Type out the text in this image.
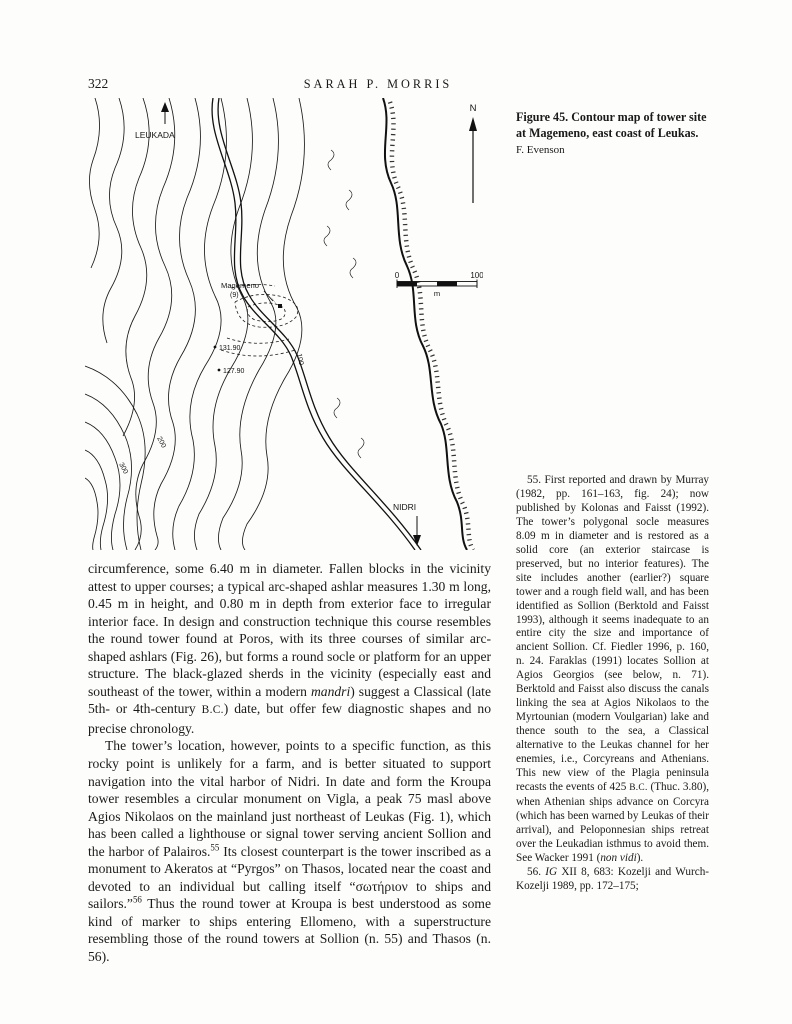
322	SARAH P. MORRIS
LEUKADA
N
Magemeno
(9)
131.90
127.90
100
200
300
NIDRI
0	100
m

Figure 45. Contour map of tower site at Magemeno, east coast of Leukas.

F. Evenson

circumference, some 6.40 m in diameter. Fallen blocks in the vicinity attest to upper courses; a typical arc-shaped ashlar measures 1.30 m long, 0.45 m in height, and 0.80 m in depth from exterior face to irregular interior face. In design and construction technique this course resembles the round tower found at Poros, with its three courses of similar arc-shaped ashlars (Fig. 26), but forms a round socle or platform for an upper structure. The black-glazed sherds in the vicinity (especially east and southeast of the tower, within a modern mandri) suggest a Classical (late 5th- or 4th-century B.C.) date, but offer few diagnostic shapes and no precise chronology.

The tower’s location, however, points to a specific function, as this rocky point is unlikely for a farm, and is better situated to support navigation into the vital harbor of Nidri. In date and form the Kroupa tower resembles a circular monument on Vigla, a peak 75 masl above Agios Nikolaos on the mainland just northeast of Leukas (Fig. 1), which has been called a lighthouse or signal tower serving ancient Sollion and the harbor of Palairos.$^{55}$ Its closest counterpart is the tower inscribed as a monument to Akeratos at “Pyrgos” on Thasos, located near the coast and devoted to an individual but calling itself “σωτήριον to ships and sailors.”$^{56}$ Thus the round tower at Kroupa is best understood as some kind of marker to ships entering Ellomeno, with a superstructure resembling those of the round towers at Sollion (n. 55) and Thasos (n. 56).

55. First reported and drawn by Murray (1982, pp. 161–163, fig. 24); now published by Kolonas and Faisst (1992). The tower’s polygonal socle measures 8.09 m in diameter and is restored as a solid core (an exterior staircase is preserved, but no interior features). The site includes another (earlier?) square tower and a rough field wall, and has been identified as Sollion (Berktold and Faisst 1993), although it seems inadequate to an entire city the size and importance of ancient Sollion. Cf. Fiedler 1996, p. 160, n. 24. Faraklas (1991) locates Sollion at Agios Georgios (see below, n. 71). Berktold and Faisst also discuss the canals linking the sea at Agios Nikolaos to the Myrtounian (modern Voulgarian) lake and thence south to the sea, a Classical alternative to the Leukas channel for her enemies, i.e., Corcyreans and Athenians. This new view of the Plagia peninsula recasts the events of 425 B.C. (Thuc. 3.80), when Athenian ships advance on Corcyra (which has been warned by Leukas of their arrival), and Peloponnesian ships retreat over the Leukadian isthmus to avoid them. See Wacker 1991 (non vidi).

56. IG XII 8, 683: Kozelji and Wurch-Kozelji 1989, pp. 172–175;
